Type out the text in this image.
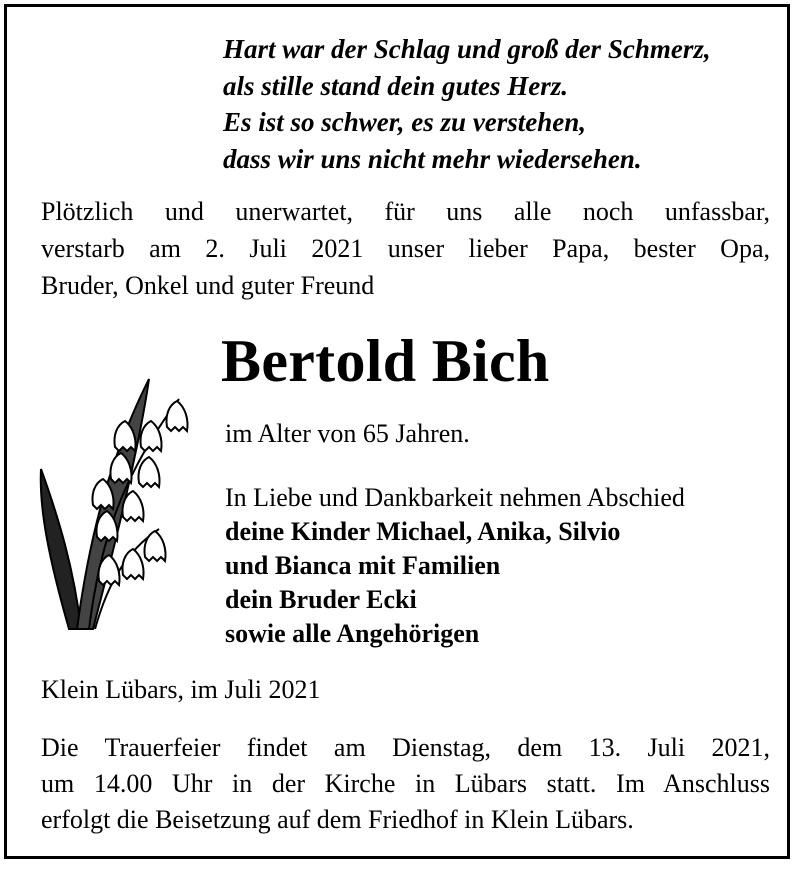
Hart war der Schlag und groß der Schmerz,
als stille stand dein gutes Herz.
Es ist so schwer, es zu verstehen,
dass wir uns nicht mehr wiedersehen.
Plötzlich und unerwartet, für uns alle noch unfassbar,
verstarb am 2. Juli 2021 unser lieber Papa, bester Opa,
Bruder, Onkel und guter Freund
Bertold Bich
im Alter von 65 Jahren.
In Liebe und Dankbarkeit nehmen Abschied
deine Kinder Michael, Anika, Silvio
und Bianca mit Familien
dein Bruder Ecki
sowie alle Angehörigen
Klein Lübars, im Juli 2021
Die Trauerfeier findet am Dienstag, dem 13. Juli 2021,
um 14.00 Uhr in der Kirche in Lübars statt. Im Anschluss
erfolgt die Beisetzung auf dem Friedhof in Klein Lübars.
